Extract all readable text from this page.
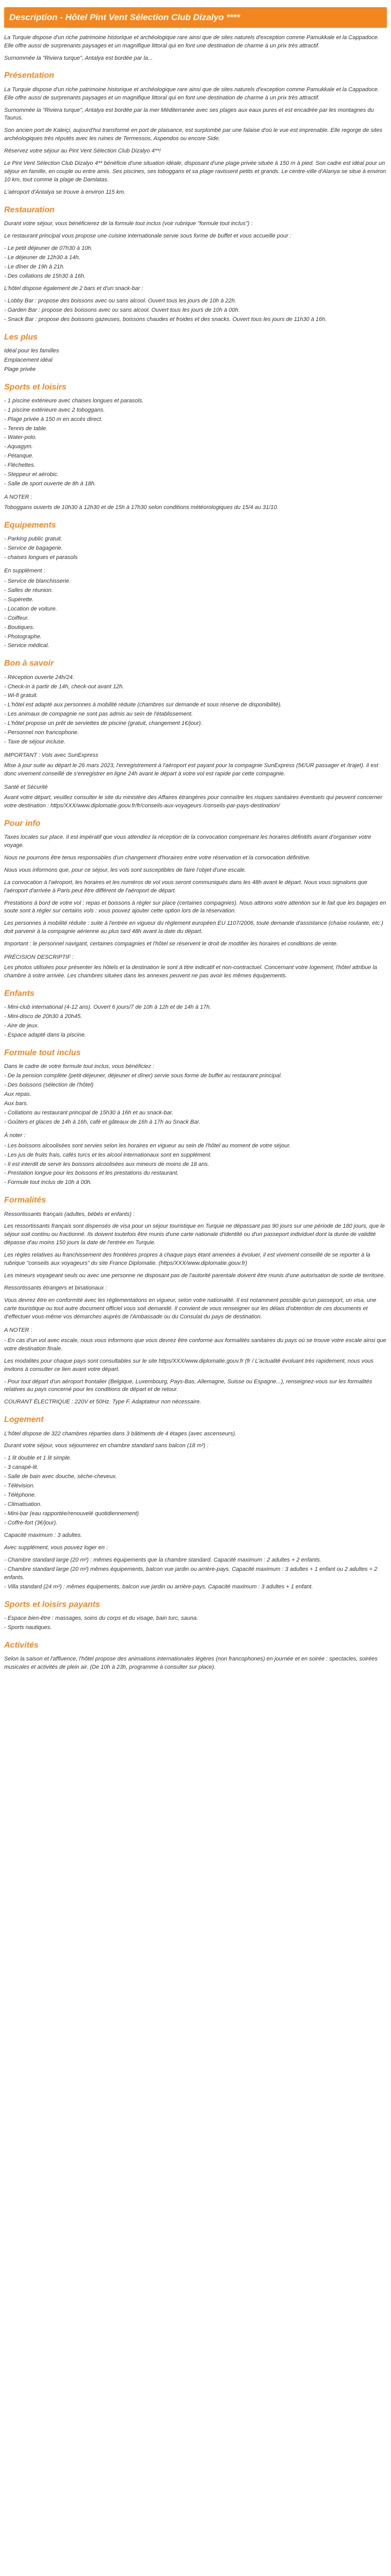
Description - Hôtel Pint Vent Sélection Club Dizalyo ****

La Turquie dispose d'un riche patrimoine historique et archéologique rare ainsi que de sites naturels d'exception comme Pamukkale et la Cappadoce. Elle offre aussi de surprenants paysages et un magnifique littoral qui en font une destination de charme à un prix très attractif.

Surnommée la "Riviera turque", Antalya est bordée par la...

Présentation

La Turquie dispose d'un riche patrimoine historique et archéologique rare ainsi que de sites naturels d'exception comme Pamukkale et la Cappadoce. Elle offre aussi de surprenants paysages et un magnifique littoral qui en font une destination de charme à un prix très attractif.

Surnommée la "Riviera turque", Antalya est bordée par la mer Méditerranée avec ses plages aux eaux pures et est encadrée par les montagnes du Taurus.

Son ancien port de Kaleiçi, aujourd'hui transformé en port de plaisance, est surplombé par une falaise d'où le vue est imprenable. Elle regorge de sites archéologiques très réputés avec les ruines de Termessos, Aspendos ou encore Side.

Réservez votre séjour au Pint Vent Sélection Club Dizalyo 4**!

Le Pint Vent Sélection Club Dizalyo 4** bénéficie d'une situation idéale, disposant d'une plage privée située à 150 m à pied. Son cadre est idéal pour un séjour en famille, en couple ou entre amis. Ses piscines, ses toboggans et sa plage ravissent petits et grands. Le centre-ville d'Alanya se situe à environ 10 km, tout comme la plage de Damlatas.

L'aéroport d'Antalya se trouve à environ 115 km.

Restauration

Durant votre séjour, vous bénéficierez de la formule tout inclus (voir rubrique "formule tout inclus") :

Le restaurant principal vous propose une cuisine internationale servie sous forme de buffet et vous accueille pour :

- Le petit déjeuner de 07h30 à 10h.
- Le déjeuner de 12h30 à 14h.
- Le dîner de 19h à 21h.
- Des collations de 15h30 à 16h.

L'hôtel dispose également de 2 bars et d'un snack-bar :

- Lobby Bar : propose des boissons avec ou sans alcool. Ouvert tous les jours de 10h à 22h.
- Garden Bar : propose des boissons avec ou sans alcool. Ouvert tous les jours de 10h à 00h.
- Snack Bar : propose des boissons gazeuses, boissons chaudes et froides et des snacks. Ouvert tous les jours de 11h30 à 16h.
Les plus
Idéal pour les familles
Emplacement idéal
Plage privée
Sports et loisirs
- 1 piscine extérieure avec chaises longues et parasols.
- 1 piscine extérieure avec 2 toboggans.
- Plage privée à 150 m en accès direct.
- Tennis de table.
- Water-polo.
- Aquagym.
- Pétanque.
- Fléchettes.
- Steppeur et aérobic.
- Salle de sport ouverte de 8h à 18h.

A NOTER :

Toboggans ouverts de 10h30 à 12h30 et de 15h à 17h30 selon conditions météorologiques du 15/4 au 31/10.

Equipements
- Parking public gratuit.
- Service de bagagerie.
- chaises longues et parasols

En supplément :

- Service de blanchisserie.
- Salles de réunion.
- Supérette.
- Location de voiture.
- Coiffeur.
- Boutiques.
- Photographe.
- Service médical.
Bon à savoir
- Réception ouverte 24h/24.
- Check-in à partir de 14h, check-out avant 12h.
- Wi-fi gratuit.
- L'hôtel est adapté aux personnes à mobilité réduite (chambres sur demande et sous réserve de disponibilité).
- Les animaux de compagnie ne sont pas admis au sein de l'établissement.
- L'hôtel propose un prêt de serviettes de piscine (gratuit, changement 1€/jour).
- Personnel non francophone.
- Taxe de séjour incluse.

IMPORTANT : Vols avec SunExpress

Mise à jour suite au départ le 26 mars 2023, l'enregistrement à l'aéroport est payant pour la compagnie SunExpress (5€/UR passager et /trajet). Il est donc vivement conseillé de s'enregistrer en ligne 24h avant le départ à votre vol est rapide par cette compagnie.

Santé et Sécurité

Avant votre départ, veuillez consulter le site du ministère des Affaires étrangères pour connaître les risques sanitaires éventuels qui peuvent concerner votre destination : https/XXX/www.diplomatie.gouv.fr/fr/conseils-aux-voyageurs /conseils-par-pays-destination/

Pour info

Taxes locales sur place. Il est impératif que vous attendiez la réception de la convocation comprenant les horaires définitifs avant d'organiser votre voyage.

Nous ne pourrons être tenus responsables d'un changement d'horaires entre votre réservation et la convocation définitive.

Nous vous informons que, pour ce séjour, les vols sont susceptibles de faire l'objet d'une escale.

La convocation à l'aéroport, les horaires et les numéros de vol vous seront communiqués dans les 48h avant le départ. Nous vous signalons que l'aéroport d'arrivée à Paris peut être différent de l'aéroport de départ.

Prestations à bord de votre vol : repas et boissons à régler sur place (certaines compagnies). Nous attirons votre attention sur le fait que les bagages en soute sont à régler sur certains vols : vous pouvez ajouter cette option lors de la réservation.

Les personnes à mobilité réduite : suite à l'entrée en vigueur du règlement européen EU 1107/2006, toute demande d'assistance (chaise roulante, etc.) doit parvenir à la compagnie aérienne au plus tard 48h avant la date du départ.

Important : le personnel navigant, certaines compagnies et l'hôtel se réservent le droit de modifier les horaires et conditions de vente.

PRÉCISION DESCRIPTIF :

Les photos utilisées pour présenter les hôtels et la destination le sont à titre indicatif et non-contractuel. Concernant votre logement, l'hôtel attribue la chambre à votre arrivée. Les chambres situées dans les annexes peuvent ne pas avoir les mêmes équipements.

Enfants
- Mini-club international (4-12 ans). Ouvert 6 jours/7 de 10h à 12h et de 14h à 17h.
- Mini-disco de 20h30 à 20h45.
- Aire de jeux.
- Espace adapté dans la piscine.
Formule tout inclus
Dans le cadre de votre formule tout inclus, vous bénéficiez :
- De la pension complète (petit-déjeuner, déjeuner et dîner) servie sous forme de buffet au restaurant principal.
- Des boissons (sélection de l'hôtel)
Aux repas.
Aux bars.
- Collations au restaurant principal de 15h30 à 16h et au snack-bar.
- Goûters et glaces de 14h à 16h, café et gâteaux de 16h à 17h au Snack Bar.

À noter :

- Les boissons alcoolisées sont servies selon les horaires en vigueur au sein de l'hôtel au moment de votre séjour.
- Les jus de fruits frais, cafés turcs et les alcool internationaux sont en supplément.
- Il est interdit de servir les boissons alcoolisées aux mineurs de moins de 18 ans.
- Prestation longue pour les boissons et les prestations du restaurant.
- Formule tout inclus de 10h à 00h.
Formalités

Ressortissants français (adultes, bébés et enfants) :

Les ressortissants français sont dispensés de visa pour un séjour touristique en Turquie ne dépassant pas 90 jours sur une période de 180 jours, que le séjour soit continu ou fractionné. Ils doivent toutefois être munis d'une carte nationale d'identité ou d'un passeport individuel dont la durée de validité dépasse d'au moins 150 jours la date de l'entrée en Turquie.

Les règles relatives au franchissement des frontières propres à chaque pays étant amenées à évoluer, il est vivement conseillé de se reporter à la rubrique "conseils aux voyageurs" du site France Diplomatie. (https/XXX/www.diplomatie.gouv.fr)

Les mineurs voyageant seuls ou avec une personne ne disposant pas de l'autorité parentale doivent être munis d'une autorisation de sortie de territoire.

Ressortissants étrangers et binationaux :

Vous devrez être en conformité avec les réglementations en vigueur, selon votre nationalité. Il est notamment possible qu'un passeport, un visa, une carte touristique ou tout autre document officiel vous soit demandé. Il convient de vous renseigner sur les délais d'obtention de ces documents et d'effectuer vous-même vos démarches auprès de l'Ambassade ou du Consulat du pays de destination.

A NOTER :

- En cas d'un vol avec escale, nous vous informons que vous devrez être conforme aux formalités sanitaires du pays où se trouve votre escale ainsi que votre destination finale.

Les modalités pour chaque pays sont consultables sur le site https/XXX/www.diplomatie.gouv.fr (fr / L'actualité évoluant très rapidement, nous vous invitons à consulter ce lien avant votre départ.

- Pour tout départ d'un aéroport frontalier (Belgique, Luxembourg, Pays-Bas, Allemagne, Suisse ou Espagne...), renseignez-vous sur les formalités relatives au pays concerné pour les conditions de départ et de retour.

COURANT ÉLECTRIQUE : 220V et 50Hz. Type F. Adaptateur non nécessaire.

Logement

L'hôtel dispose de 322 chambres réparties dans 3 bâtiments de 4 étages (avec ascenseurs).

Durant votre séjour, vous séjournerez en chambre standard sans balcon (18 m²) :

- 1 lit double et 1 lit simple.
- 3 canapé-lit.
- Salle de bain avec douche, sèche-cheveux.
- Télévision.
- Téléphone.
- Climatisation.
- Mini-bar (eau rapportée/renouvelé quotidiennement)
- Coffre-fort (3€/jour).

Capacité maximum : 3 adultes.

Avec supplément, vous pouvez loger en :

- Chambre standard large (20 m²) : mêmes équipements que la chambre standard. Capacité maximum : 2 adultes + 2 enfants.
- Chambre standard large (20 m²) mêmes équipements, balcon vue jardin ou arrière-pays. Capacité maximum : 3 adultes + 1 enfant ou 2 adultes + 2 enfants.
- Villa standard (24 m²) : mêmes équipements, balcon vue jardin ou arrière-pays. Capacité maximum : 3 adultes + 1 enfant.
Sports et loisirs payants
- Espace bien-être : massages, soins du corps et du visage, bain turc, sauna.
- Sports nautiques.
Activités

Selon la saison et l'affluence, l'hôtel propose des animations internationales légères (non francophones) en journée et en soirée : spectacles, soirées musicales et activités de plein air. (De 10h à 23h, programme à consulter sur place).
